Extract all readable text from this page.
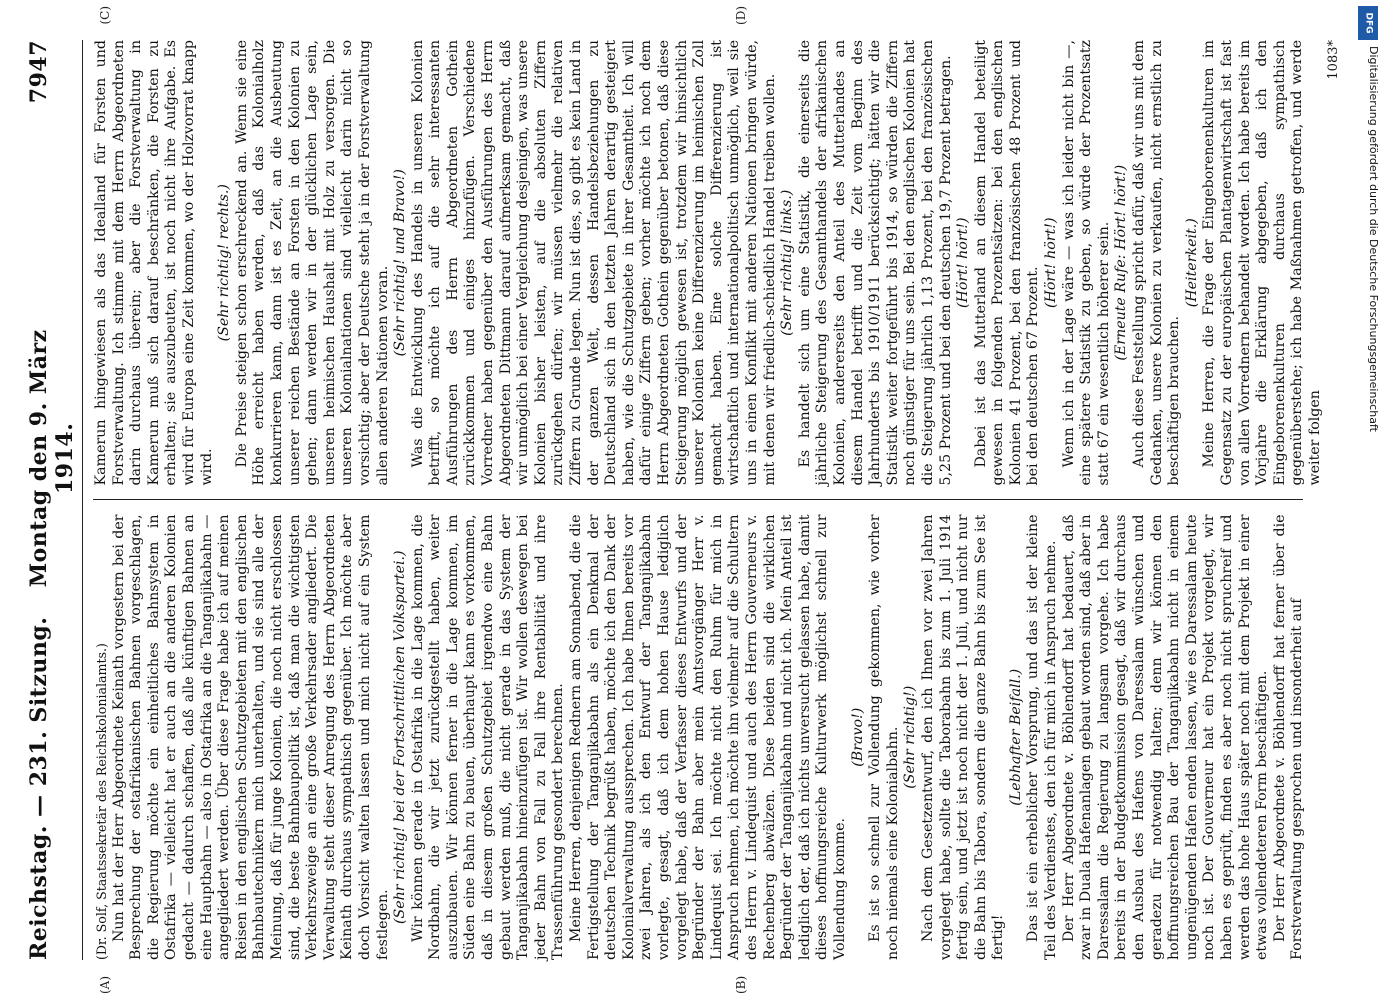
Reichstag. — 231. Sitzung.
Montag den 9. März 1914.
7947
(A)	(B)

(Dr. Solf, Staatssekretär des Reichskolonialamts.) Nun hat der Herr Abgeordnete Keinath vorgestern bei der Besprechung der ostafrikanischen Bahnen vorgeschlagen, die Regierung möchte ein einheitliches Bahnsystem in Ostafrika — vielleicht hat er auch an die anderen Kolonien gedacht — dadurch schaffen, daß alle künftigen Bahnen an eine Hauptbahn — also in Ostafrika an die Tanganjikabahn — angegliedert werden. Über diese Frage habe ich auf meinen Reisen in den englischen Schutzgebieten mit den englischen Bahnbautechnikern mich unterhalten, und sie sind alle der Meinung, daß für junge Kolonien, die noch nicht erschlossen sind, die beste Bahnbaupolitik ist, daß man die wichtigsten Verkehrszweige an eine große Verkehrsader angliedert. Die Verwaltung steht dieser Anregung des Herrn Abgeordneten Keinath durchaus sympathisch gegenüber. Ich möchte aber doch Vorsicht walten lassen und mich nicht auf ein System festlegen.

(Sehr richtig! bei der Fortschrittlichen Volkspartei.) Wir können gerade in Ostafrika in die Lage kommen, die Nordbahn, die wir jetzt zurückgestellt haben, weiter auszubauen. Wir können ferner in die Lage kommen, im Süden eine Bahn zu bauen, überhaupt kann es vorkommen, daß in diesem großen Schutzgebiet irgendwo eine Bahn gebaut werden muß, die nicht gerade in das System der Tanganjikabahn hineinzufügen ist. Wir wollen deswegen bei jeder Bahn von Fall zu Fall ihre Rentabilität und ihre Trassenführung gesondert berechnen. Meine Herren, denjenigen Rednern am Sonnabend, die die Fertigstellung der Tanganjikabahn als ein Denkmal der deutschen Technik begrüßt haben, möchte ich den Dank der Kolonialverwaltung aussprechen. Ich habe Ihnen bereits vor zwei Jahren, als ich den Entwurf der Tanganjikabahn vorlegte, gesagt, daß ich dem hohen Hause lediglich vorgelegt habe, daß der Verfasser dieses Entwurfs und der Begründer der Bahn aber mein Amtsvorgänger Herr v. Lindequist sei. Ich möchte nicht den Ruhm für mich in Anspruch nehmen, ich möchte ihn vielmehr auf die Schultern des Herrn v. Lindequist und auch des Herrn Gouverneurs v. Rechenberg abwälzen. Diese beiden sind die wirklichen Begründer der Tanganjikabahn und nicht ich. Mein Anteil ist lediglich der, daß ich nichts unversucht gelassen habe, damit dieses hoffnungsreiche Kulturwerk möglichst schnell zur Vollendung komme.

(Bravo!) Es ist so schnell zur Vollendung gekommen, wie vorher noch niemals eine Kolonialbahn. (Sehr richtig!) Nach dem Gesetzentwurf, den ich Ihnen vor zwei Jahren vorgelegt habe, sollte die Taborabahn bis zum 1. Juli 1914 fertig sein, und jetzt ist noch nicht der 1. Juli, und nicht nur die Bahn bis Tabora, sondern die ganze Bahn bis zum See ist fertig!

(Lebhafter Beifall.) Das ist ein erheblicher Vorsprung, und das ist der kleine Teil des Verdienstes, den ich für mich in Anspruch nehme. Der Herr Abgeordnete v. Böhlendorff hat bedauert, daß zwar in Duala Hafenanlagen gebaut worden sind, daß aber in Daressalam die Regierung zu langsam vorgehe. Ich habe bereits in der Budgetkommission gesagt, daß wir durchaus den Ausbau des Hafens von Daressalam wünschen und geradezu für notwendig halten; denn wir können den hoffnungsreichen Bau der Tanganjikabahn nicht in einem ungenügenden Hafen enden lassen, wie es Daressalam heute noch ist. Der Gouverneur hat ein Projekt vorgelegt, wir haben es geprüft, finden es aber noch nicht spruchreif und werden das hohe Haus später noch mit dem Projekt in einer etwas vollendeteren Form beschäftigen. Der Herr Abgeordnete v. Böhlendorff hat ferner über die Forstverwaltung gesprochen und insonderheit auf

(C)	(D)

Kamerun hingewiesen als das Idealland für Forsten und Forstverwaltung. Ich stimme mit dem Herrn Abgeordneten darin durchaus überein; aber die Forstverwaltung in Kamerun muß sich darauf beschränken, die Forsten zu erhalten; sie auszubeuten, ist noch nicht ihre Aufgabe. Es wird für Europa eine Zeit kommen, wo der Holzvorrat knapp wird.

(Sehr richtig! rechts.) Die Preise steigen schon erschreckend an. Wenn sie eine Höhe erreicht haben werden, daß das Kolonialholz konkurrieren kann, dann ist es Zeit, an die Ausbeutung unserer reichen Bestände an Forsten in den Kolonien zu gehen; dann werden wir in der glücklichen Lage sein, unseren heimischen Haushalt mit Holz zu versorgen. Die unseren Kolonialnationen sind vielleicht darin nicht so vorsichtig; aber der Deutsche steht ja in der Forstverwaltung allen anderen Nationen voran.

(Sehr richtig! und Bravo!) Was die Entwicklung des Handels in unseren Kolonien betrifft, so möchte ich auf die sehr interessanten Ausführungen des Herrn Abgeordneten Gothein zurückkommen und einiges hinzufügen. Verschiedene Vorredner haben gegenüber den Ausführungen des Herrn Abgeordneten Dittmann darauf aufmerksam gemacht, daß wir unmöglich bei einer Vergleichung desjenigen, was unsere Kolonien bisher leisten, auf die absoluten Ziffern zurückgehen dürfen; wir müssen vielmehr die relativen Ziffern zu Grunde legen. Nun ist dies, so gibt es kein Land in der ganzen Welt, dessen Handelsbeziehungen zu Deutschland sich in den letzten Jahren derartig gesteigert haben, wie die Schutzgebiete in ihrer Gesamtheit. Ich will dafür einige Ziffern geben; vorher möchte ich noch dem Herrn Abgeordneten Gothein gegenüber betonen, daß diese Steigerung möglich gewesen ist, trotzdem wir hinsichtlich unserer Kolonien keine Differenzierung im heimischen Zoll gemacht haben. Eine solche Differenzierung ist wirtschaftlich und internationalpolitisch unmöglich, weil sie uns in einen Konflikt mit anderen Nationen bringen würde, mit denen wir friedlich-schiedlich Handel treiben wollen. (Sehr richtig! links.) Es handelt sich um eine Statistik, die einerseits die jährliche Steigerung des Gesamthandels der afrikanischen Kolonien, andererseits den Anteil des Mutterlandes an diesem Handel betrifft und die Zeit vom Beginn des Jahrhunderts bis 1910/1911 berücksichtigt; hätten wir die Statistik weiter fortgeführt bis 1914, so würden die Ziffern noch günstiger für uns sein. Bei den englischen Kolonien hat die Steigerung jährlich 1,13 Prozent, bei den französischen 5,25 Prozent und bei den deutschen 19,7 Prozent betragen. (Hört! hört!) Dabei ist das Mutterland an diesem Handel beteiligt gewesen in folgenden Prozentsätzen: bei den englischen Kolonien 41 Prozent, bei den französischen 48 Prozent und bei den deutschen 67 Prozent.

(Hört! hört!) Wenn ich in der Lage wäre — was ich leider nicht bin —, eine spätere Statistik zu geben, so würde der Prozentsatz statt 67 ein wesentlich höherer sein. (Erneute Rufe: Hört! hört!) Auch diese Feststellung spricht dafür, daß wir uns mit dem Gedanken, unsere Kolonien zu verkaufen, nicht ernstlich zu beschäftigen brauchen.

(Heiterkeit.) Meine Herren, die Frage der Eingeborenenkulturen im Gegensatz zu der europäischen Plantagenwirtschaft ist fast von allen Vorrednern behandelt worden. Ich habe bereits im Vorjahre die Erklärung abgegeben, daß ich den Eingeborenenkulturen durchaus sympathisch gegenüberstehe; ich habe Maßnahmen getroffen, und werde weiter folgen

1083*

DFG
Digitalisierung gefördert durch die Deutsche Forschungsgemeinschaft
